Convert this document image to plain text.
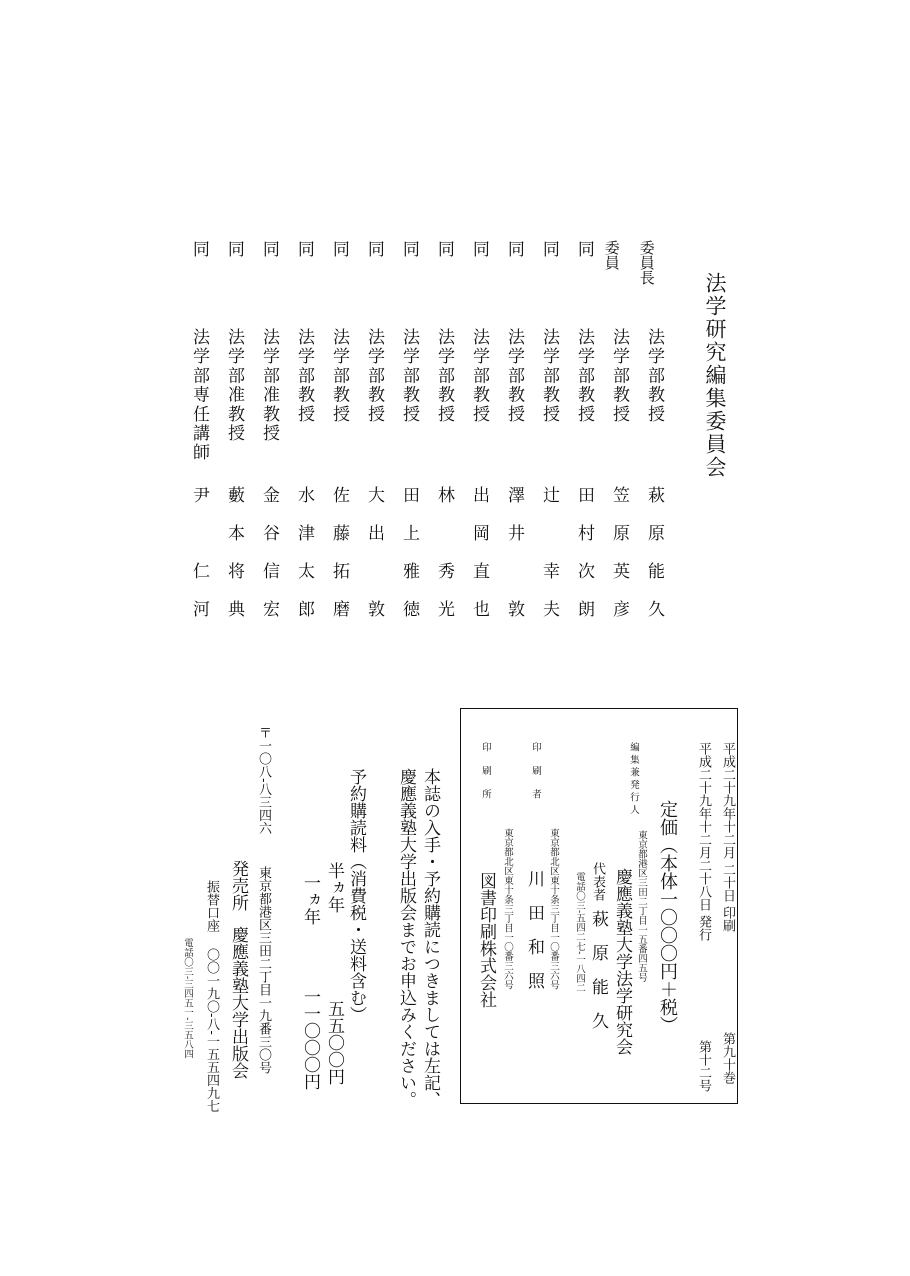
法学研究編集委員会
委員長
法学部教授
萩
原
能
久
委員
法学部教授
笠
原
英
彦
同
法学部教授
田
村
次
朗
同
法学部教授
辻
幸
夫
同
法学部教授
澤
井
敦
同
法学部教授
出
岡
直
也
同
法学部教授
林
秀
光
同
法学部教授
田
上
雅
徳
同
法学部教授
大
出
敦
同
法学部教授
佐
藤
拓
磨
同
法学部教授
水
津
太
郎
同
法学部准教授
金
谷
信
宏
同
法学部准教授
藪
本
将
典
同
法学部専任講師
尹
仁
河
平成二十九年十二月 二十日 印刷
第九十巻
平成二十九年十二月二十八日 発行
第十二号
定価（本体一〇〇〇円＋税）
編集兼発行人
東京都港区三田二丁目一五番四五号
慶應義塾大学法学研究会
代表者
萩　原　能　久
電話〇三‐五四二七‐一八四二
印刷者
東京都北区東十条三丁目一〇番三六号
川　田　和　照
印刷所
東京都北区東十条三丁目一〇番三六号
図書印刷株式会社
本誌の入手・予約購読につきましては左記、
慶應義塾大学出版会までお申込みください。
予約購読料（消費税・送料含む）
半ヵ年
五五〇〇円
一ヵ年
一一〇〇〇円
〒一〇八‐八三四六
東京都港区三田二丁目一九番三〇号
発売所
慶應義塾大学出版会
振替口座
〇〇一九〇‐八‐一五五四九七
電話〇三‐三四五一‐三五八四
